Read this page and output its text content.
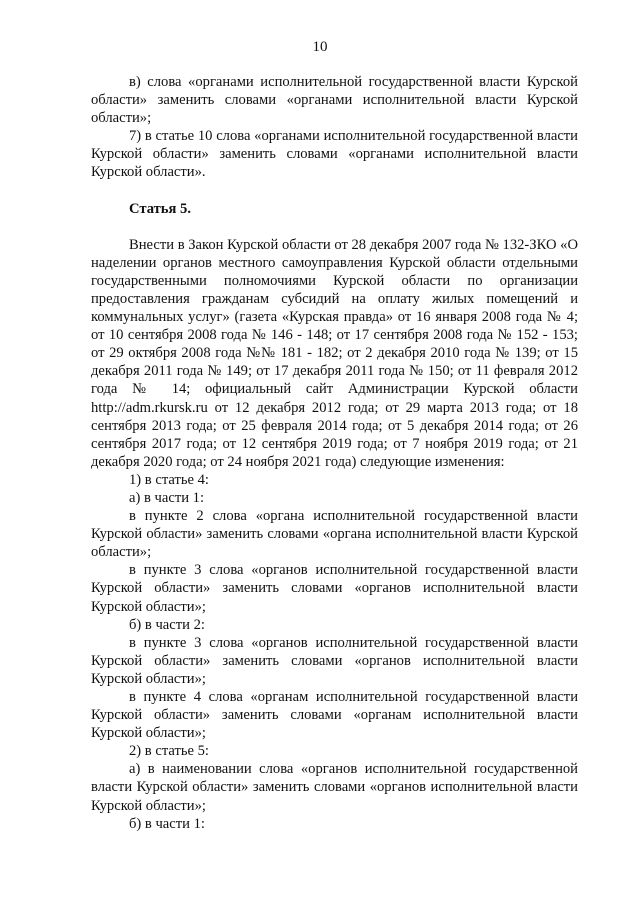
10

в) слова «органами исполнительной государственной власти Курской области» заменить словами «органами исполнительной власти Курской области»;

7) в статье 10 слова «органами исполнительной государственной власти Курской области» заменить словами «органами исполнительной власти Курской области».

Статья 5.

Внести в Закон Курской области от 28 декабря 2007 года № 132-ЗКО «О наделении органов местного самоуправления Курской области отдельными государственными полномочиями Курской области по организации предоставления гражданам субсидий на оплату жилых помещений и коммунальных услуг» (газета «Курская правда» от 16 января 2008 года № 4; от 10 сентября 2008 года № 146 - 148; от 17 сентября 2008 года № 152 - 153; от 29 октября 2008 года №№ 181 - 182; от 2 декабря 2010 года № 139; от 15 декабря 2011 года № 149; от 17 декабря 2011 года № 150; от 11 февраля 2012 года № 14; официальный сайт Администрации Курской области http://adm.rkursk.ru от 12 декабря 2012 года; от 29 марта 2013 года; от 18 сентября 2013 года; от 25 февраля 2014 года; от 5 декабря 2014 года; от 26 сентября 2017 года; от 12 сентября 2019 года; от 7 ноября 2019 года; от 21 декабря 2020 года; от 24 ноября 2021 года) следующие изменения:

1) в статье 4:

а) в части 1:

в пункте 2 слова «органа исполнительной государственной власти Курской области» заменить словами «органа исполнительной власти Курской области»;

в пункте 3 слова «органов исполнительной государственной власти Курской области» заменить словами «органов исполнительной власти Курской области»;

б) в части 2:

в пункте 3 слова «органов исполнительной государственной власти Курской области» заменить словами «органов исполнительной власти Курской области»;

в пункте 4 слова «органам исполнительной государственной власти Курской области» заменить словами «органам исполнительной власти Курской области»;

2) в статье 5:

а) в наименовании слова «органов исполнительной государственной власти Курской области» заменить словами «органов исполнительной власти Курской области»;

б) в части 1:
